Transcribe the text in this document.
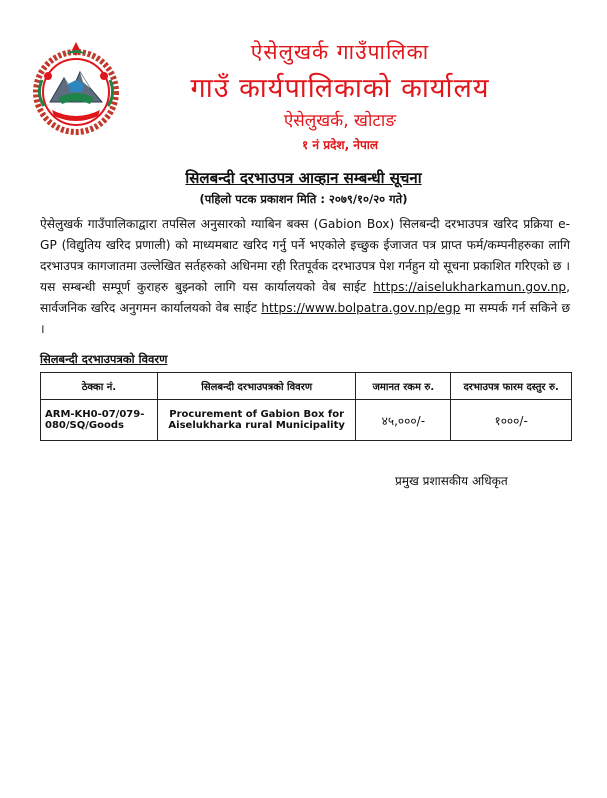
ऐसेलुखर्क गाउँपालिका
गाउँ कार्यपालिकाको कार्यालय
ऐसेलुखर्क, खोटाङ
१ नं प्रदेश, नेपाल
सिलबन्दी दरभाउपत्र आव्हान सम्बन्धी सूचना
(पहिलो पटक प्रकाशन मिति : २०७९/१०/२० गते)
ऐसेलुखर्क गाउँपालिकाद्वारा तपसिल अनुसारको ग्याबिन बक्स (Gabion Box) सिलबन्दी दरभाउपत्र खरिद प्रक्रिया e-GP (विद्युतिय खरिद प्रणाली) को माध्यमबाट खरिद गर्नु पर्ने भएकोले इच्छुक ईजाजत पत्र प्राप्त फर्म/कम्पनीहरुका लागि दरभाउपत्र कागजातमा उल्लेखित सर्तहरुको अधिनमा रही रितपूर्वक दरभाउपत्र पेश गर्नहुन यो सूचना प्रकाशित गरिएको छ । यस सम्बन्धी सम्पूर्ण कुराहरु बुझ्नको लागि यस कार्यालयको वेब साईट https://aiselukharkamun.gov.np, सार्वजनिक खरिद अनुगमन कार्यालयको वेब साईट https://www.bolpatra.gov.np/egp मा सम्पर्क गर्न सकिने छ ।
सिलबन्दी दरभाउपत्रको विवरण
ठेक्का नं.	सिलबन्दी दरभाउपत्रको विवरण	जमानत रकम रु.	दरभाउपत्र फारम दस्तुर रु.
ARM-KH0-07/079-080/SQ/Goods	Procurement of Gabion Box for Aiselukharka rural Municipality	४५,०००/-	१०००/-
प्रमुख प्रशासकीय अधिकृत
